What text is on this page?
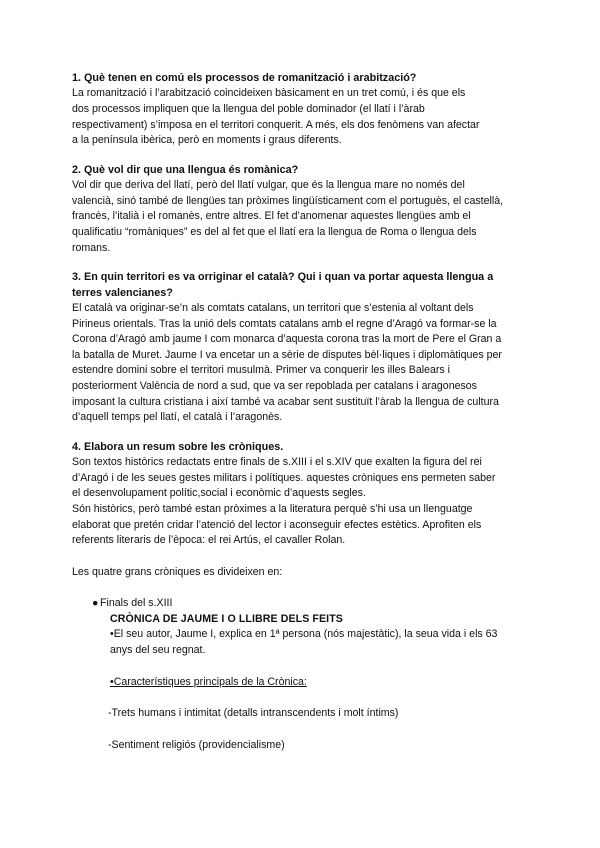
1. Què tenen en comú els processos de romanització i arabització?

La romanització i l’arabització coincideixen bàsicament en un tret comú, i és que els
dos processos impliquen que la llengua del poble dominador (el llatí i l’àrab
respectivament) s’imposa en el territori conquerit. A més, els dos fenòmens van afectar
a la península ibèrica, però en moments i graus diferents.

2. Què vol dir que una llengua és romànica?

Vol dir que deriva del llatí, però del llatí vulgar, que és la llengua mare no només del
valencià, sinó també de llengües tan pròximes lingüísticament com el portuguès, el castellà,
francès, l’italià i el romanès, entre altres. El fet d’anomenar aquestes llengües amb el
qualificatiu “romàniques” es del al fet que el llatí era la llengua de Roma o llengua dels
romans.

3. En quin territori es va orriginar el català? Qui i quan va portar aquesta llengua a
terres valencianes?

El català va originar-se’n als comtats catalans, un territori que s’estenia al voltant dels
Pirineus orientals. Tras la unió dels comtats catalans amb el regne d’Aragó va formar-se la
Corona d’Aragó amb jaume I com monarca d’aquesta corona tras la mort de Pere el Gran a
la batalla de Muret. Jaume I va encetar un a sèrie de disputes bèl·liques i diplomàtiques per
estendre domini sobre el territori musulmà. Primer va conquerir les illes Balears i
posteriorment València de nord a sud, que va ser repoblada per catalans i aragonesos
imposant la cultura cristiana i així també va acabar sent sustituït l’àrab la llengua de cultura
d’aquell temps pel llatí, el català i l’aragonès.

4. Elabora un resum sobre les cròniques.

Son textos històrics redactats entre finals de s.XIII i el s.XIV que exalten la figura del rei
d’Aragó i de les seues gestes militars i polítiques. aquestes cròniques ens permeten saber
el desenvolupament polític,social i econòmic d’aquests segles.
Són històrics, però també estan pròximes a la literatura perquè s’hi usa un llenguatge
elaborat que pretén cridar l’atenció del lector i aconseguir efectes estètics. Aprofiten els
referents literaris de l’època: el rei Artús, el cavaller Rolan.

Les quatre grans cròniques es divideixen en:

● Finals del s.XIII
CRÒNICA DE JAUME I O LLIBRE DELS FEITS
•El seu autor, Jaume I, explica en 1ª persona (nós majestàtic), la seua vida i els 63
anys del seu regnat.
•Característiques principals de la Crònica:
-Trets humans i intimitat (detalls intranscendents i molt íntims)
-Sentiment religiós (providencialisme)
